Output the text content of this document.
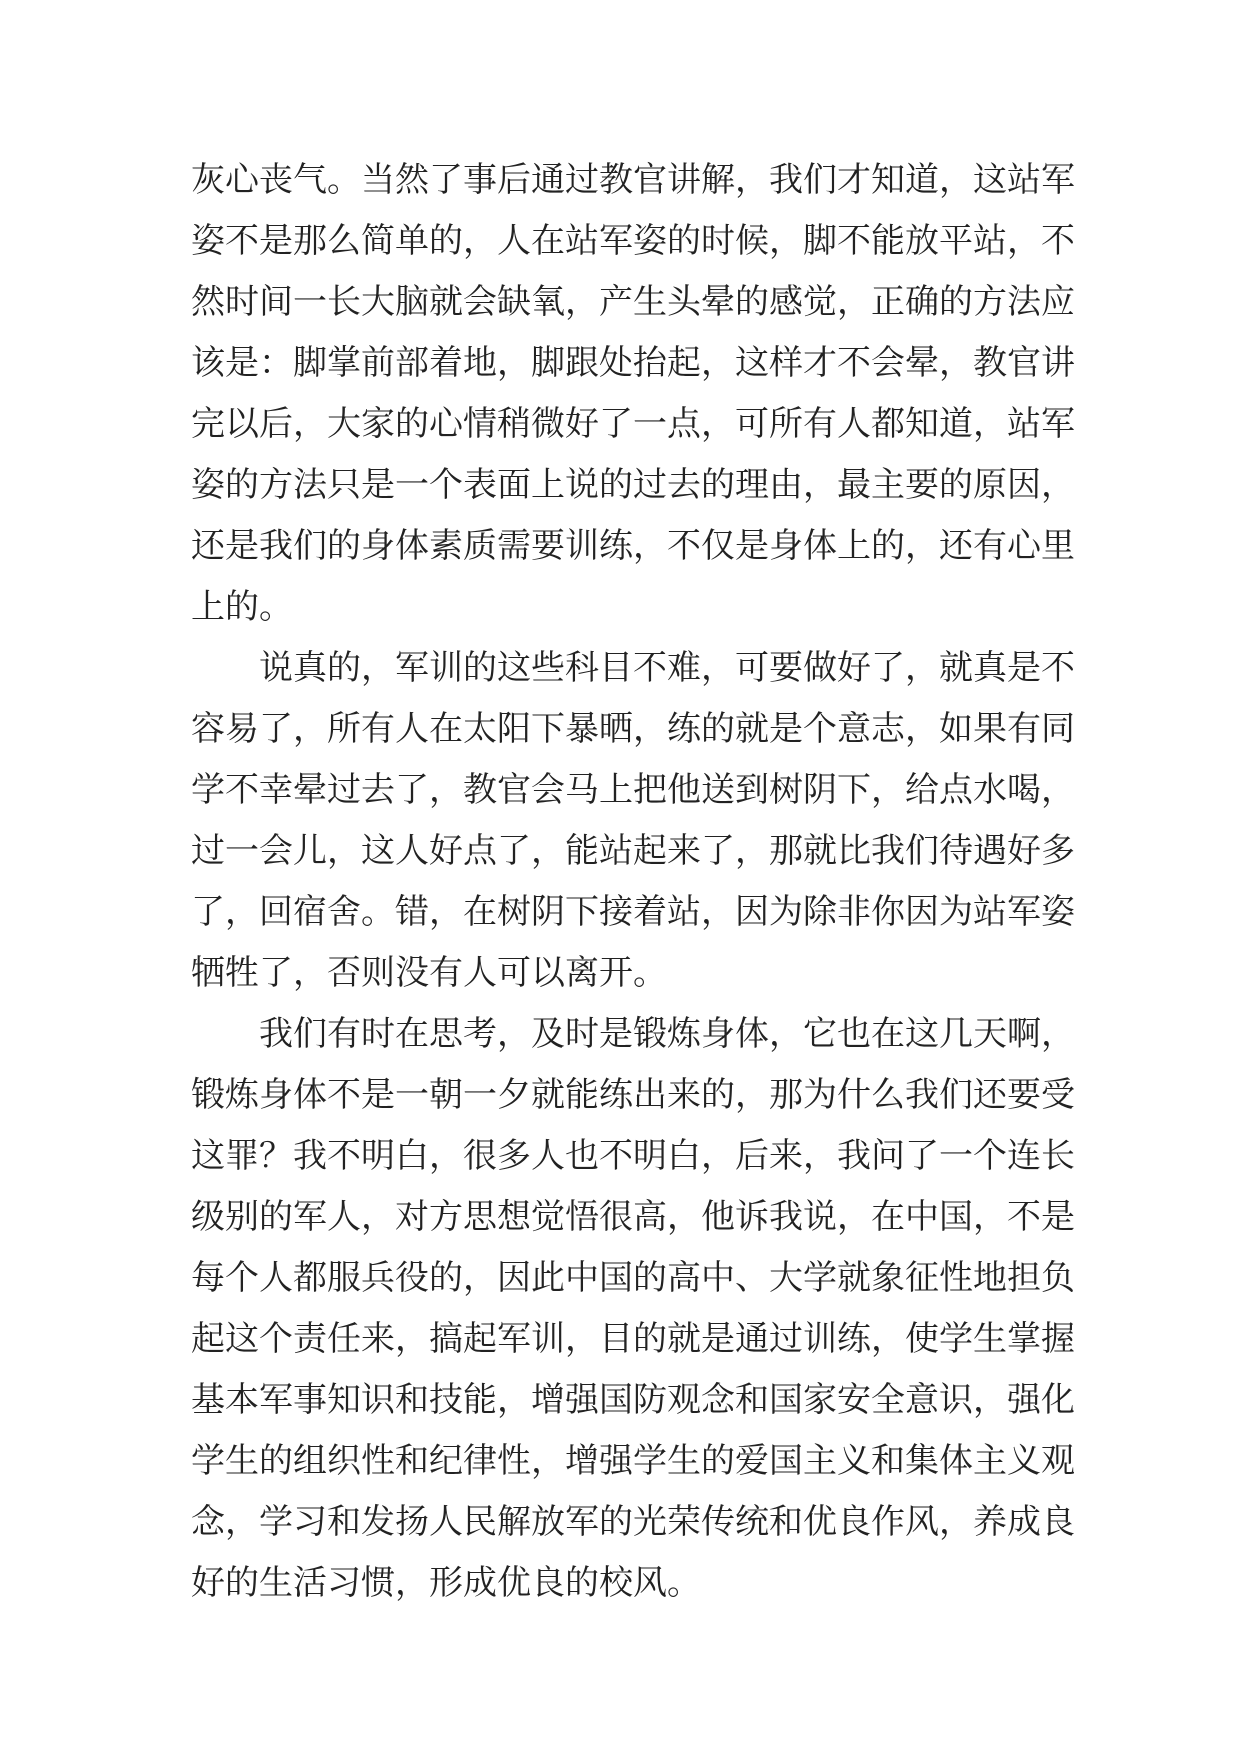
灰心丧气。当然了事后通过教官讲解，我们才知道，这站军
姿不是那么简单的，人在站军姿的时候，脚不能放平站，不
然时间一长大脑就会缺氧，产生头晕的感觉，正确的方法应
该是：脚掌前部着地，脚跟处抬起，这样才不会晕，教官讲
完以后，大家的心情稍微好了一点，可所有人都知道，站军
姿的方法只是一个表面上说的过去的理由，最主要的原因，
还是我们的身体素质需要训练，不仅是身体上的，还有心里
上的。
说真的，军训的这些科目不难，可要做好了，就真是不
容易了，所有人在太阳下暴晒，练的就是个意志，如果有同
学不幸晕过去了，教官会马上把他送到树阴下，给点水喝，
过一会儿，这人好点了，能站起来了，那就比我们待遇好多
了，回宿舍。错，在树阴下接着站，因为除非你因为站军姿
牺牲了，否则没有人可以离开。
我们有时在思考，及时是锻炼身体，它也在这几天啊，
锻炼身体不是一朝一夕就能练出来的，那为什么我们还要受
这罪？我不明白，很多人也不明白，后来，我问了一个连长
级别的军人，对方思想觉悟很高，他诉我说，在中国，不是
每个人都服兵役的，因此中国的高中、大学就象征性地担负
起这个责任来，搞起军训，目的就是通过训练，使学生掌握
基本军事知识和技能，增强国防观念和国家安全意识，强化
学生的组织性和纪律性，增强学生的爱国主义和集体主义观
念，学习和发扬人民解放军的光荣传统和优良作风，养成良
好的生活习惯，形成优良的校风。
